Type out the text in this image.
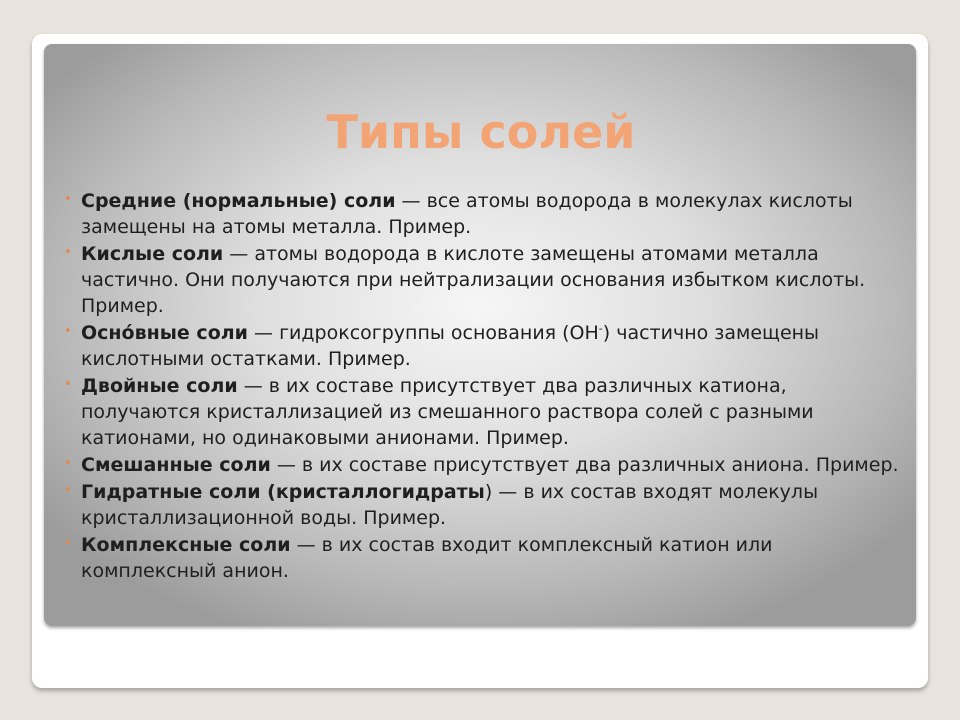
Типы солей
• Средние (нормальные) соли — все атомы водорода в молекулах кислоты замещены на атомы металла. Пример.
• Кислые соли — атомы водорода в кислоте замещены атомами металла частично. Они получаются при нейтрализации основания избытком кислоты. Пример.
• Осно́вные соли — гидроксогруппы основания (OH-) частично замещены кислотными остатками. Пример.
• Двойные соли — в их составе присутствует два различных катиона, получаются кристаллизацией из смешанного раствора солей с разными катионами, но одинаковыми анионами. Пример.
• Смешанные соли — в их составе присутствует два различных аниона. Пример.
• Гидратные соли (кристаллогидраты) — в их состав входят молекулы кристаллизационной воды. Пример.
• Комплексные соли — в их состав входит комплексный катион или комплексный анион.
